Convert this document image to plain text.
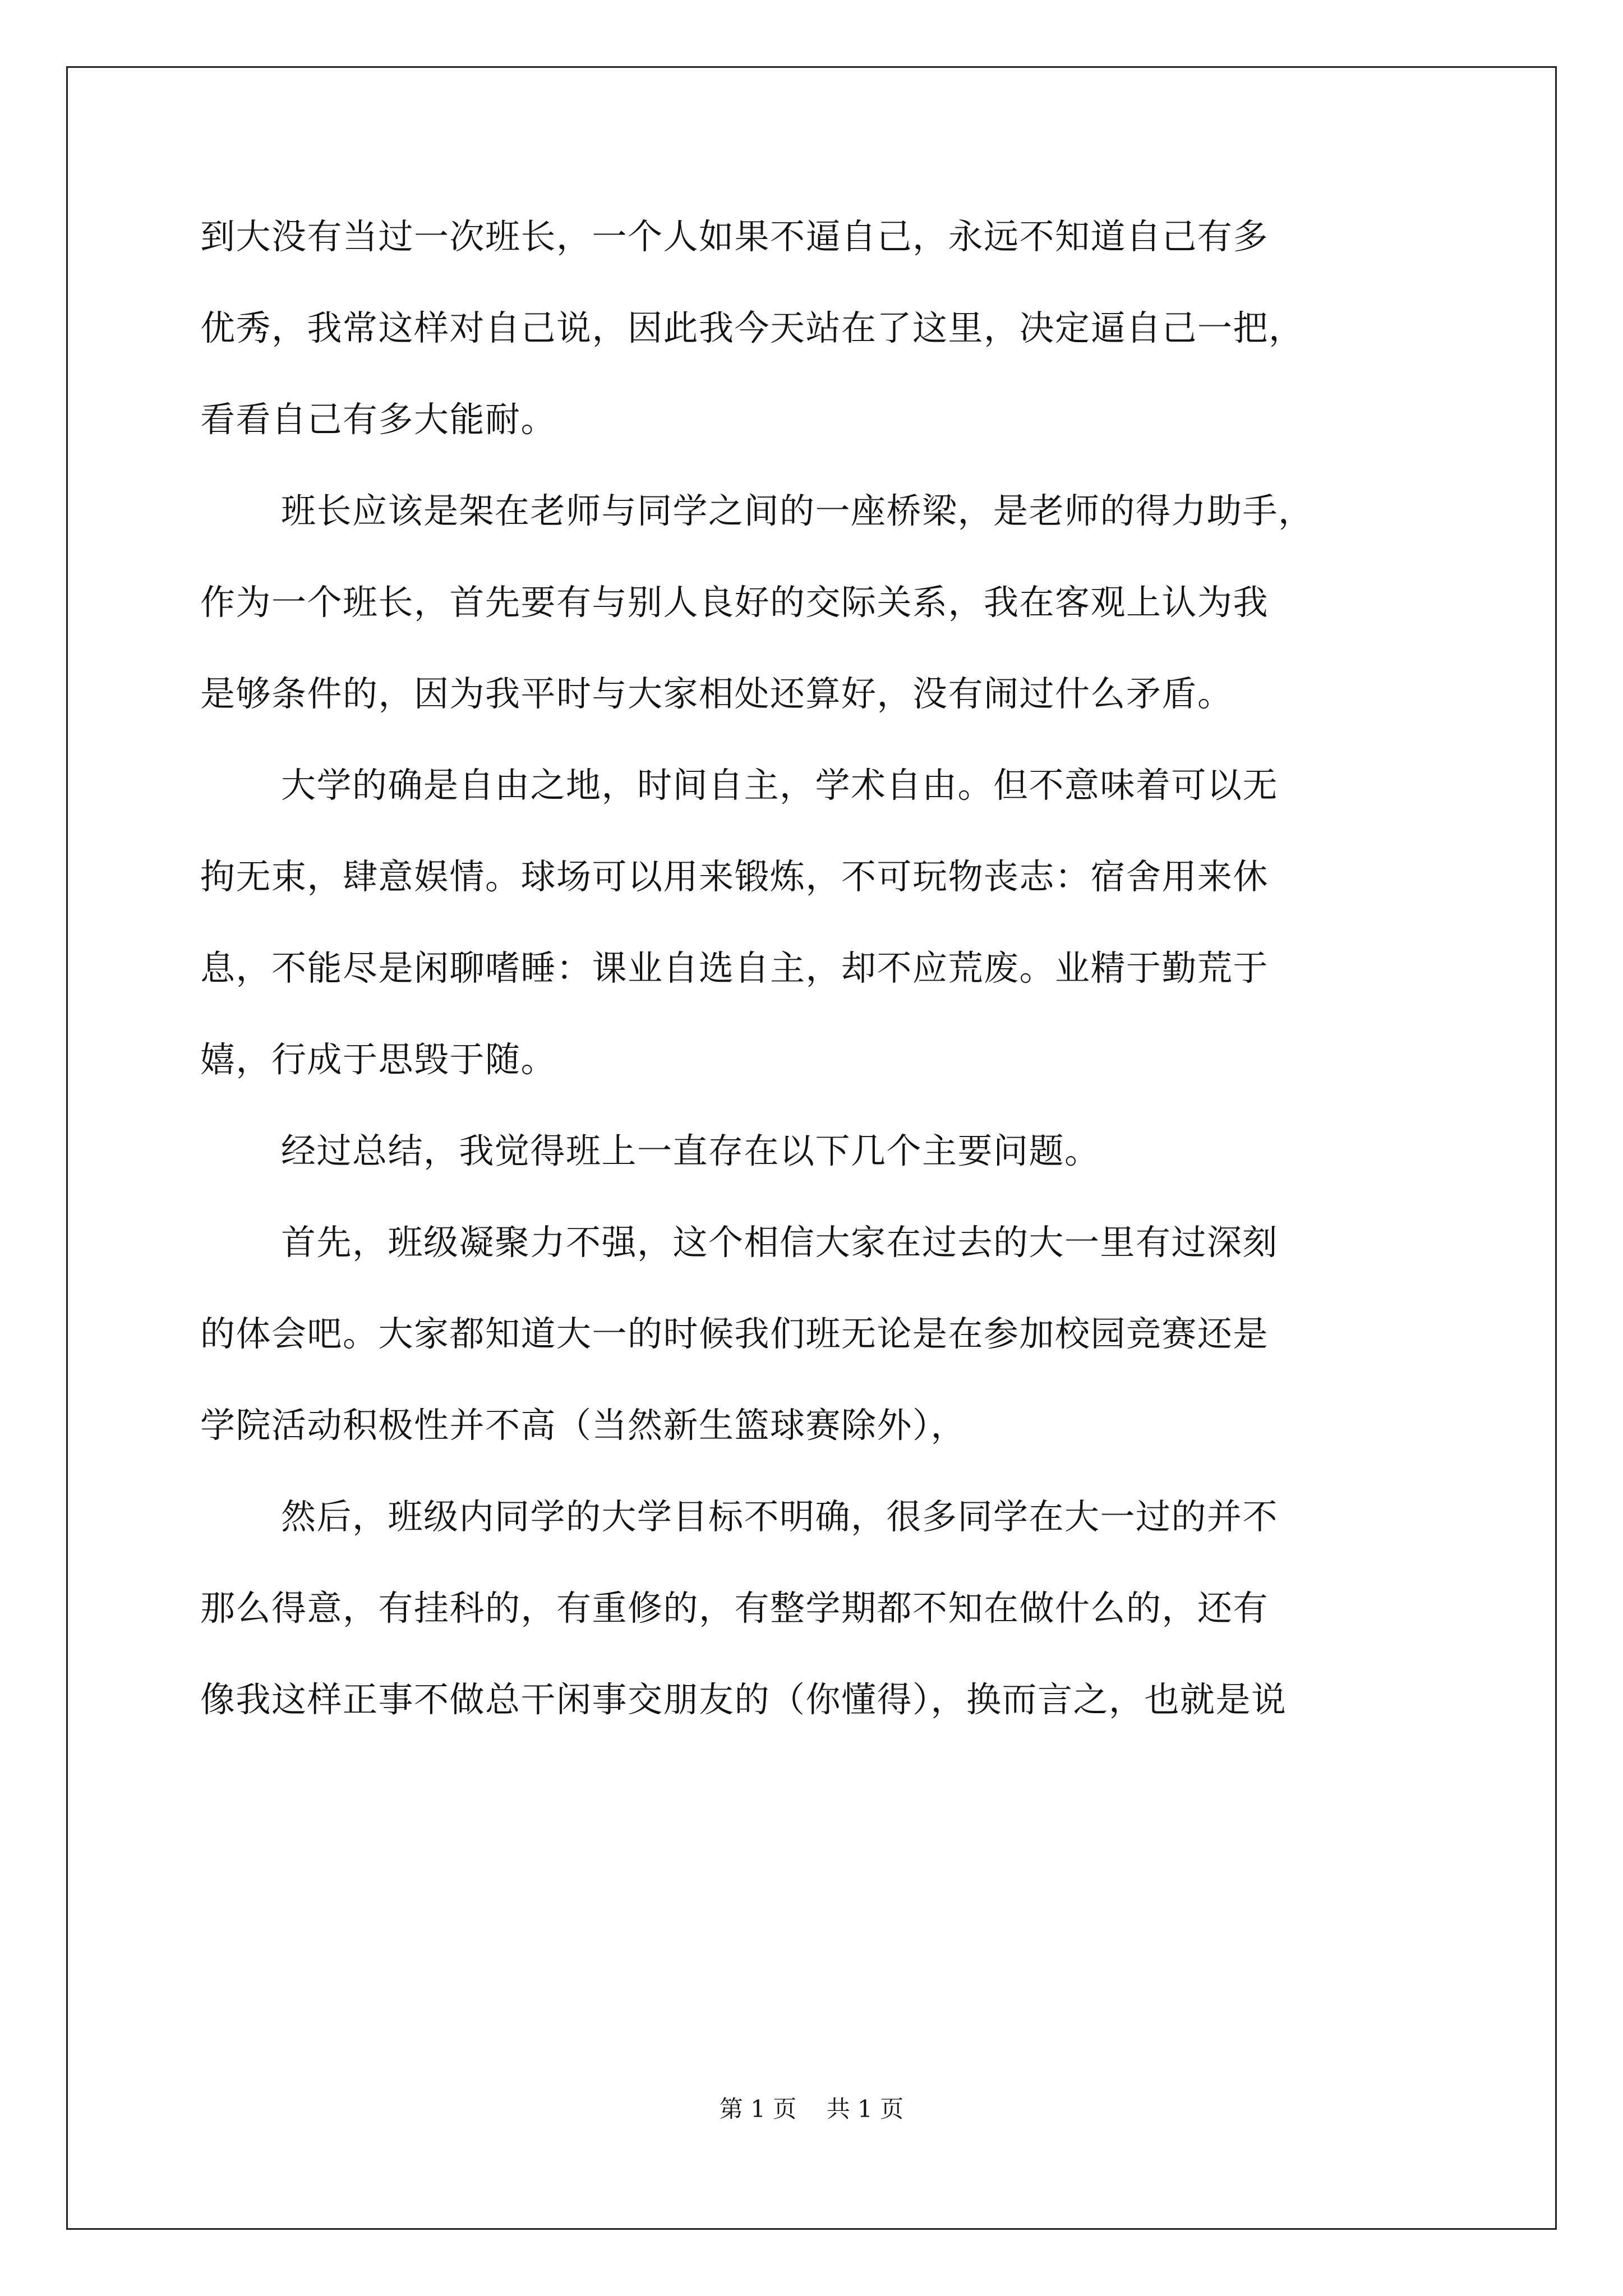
到大没有当过一次班长，一个人如果不逼自己，永远不知道自己有多

优秀，我常这样对自己说，因此我今天站在了这里，决定逼自己一把，

看看自己有多大能耐。

班长应该是架在老师与同学之间的一座桥梁，是老师的得力助手，

作为一个班长，首先要有与别人良好的交际关系，我在客观上认为我

是够条件的，因为我平时与大家相处还算好，没有闹过什么矛盾。

大学的确是自由之地，时间自主，学术自由。但不意味着可以无

拘无束，肆意娱情。球场可以用来锻炼，不可玩物丧志：宿舍用来休

息，不能尽是闲聊嗜睡：课业自选自主，却不应荒废。业精于勤荒于

嬉，行成于思毁于随。

经过总结，我觉得班上一直存在以下几个主要问题。

首先，班级凝聚力不强，这个相信大家在过去的大一里有过深刻

的体会吧。大家都知道大一的时候我们班无论是在参加校园竞赛还是

学院活动积极性并不高（当然新生篮球赛除外），

然后，班级内同学的大学目标不明确，很多同学在大一过的并不

那么得意，有挂科的，有重修的，有整学期都不知在做什么的，还有

像我这样正事不做总干闲事交朋友的（你懂得），换而言之，也就是说

第 1 页    共 1 页
